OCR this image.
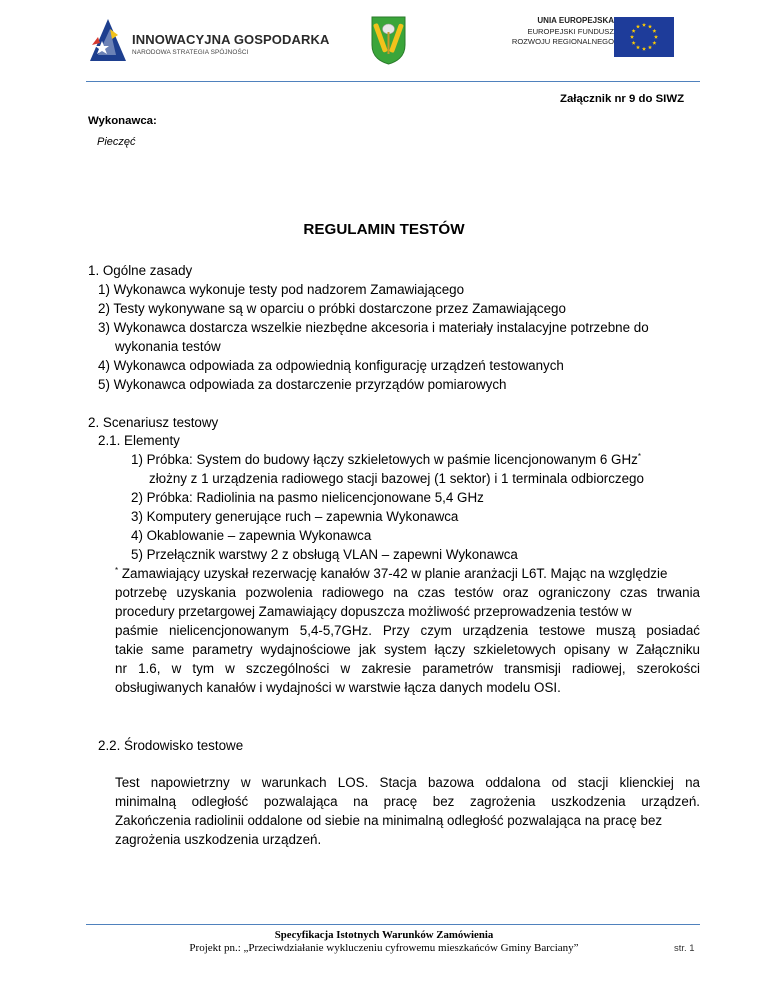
INNOWACYJNA GOSPODARKA
NARODOWA STRATEGIA SPÓJNOŚCI
UNIA EUROPEJSKA
EUROPEJSKI FUNDUSZ
ROZWOJU REGIONALNEGO
Załącznik nr 9 do SIWZ
Wykonawca:
Pieczęć
REGULAMIN TESTÓW
1. Ogólne zasady
1) Wykonawca wykonuje testy pod nadzorem Zamawiającego
2) Testy wykonywane są w oparciu o próbki dostarczone przez Zamawiającego
3) Wykonawca dostarcza wszelkie niezbędne akcesoria i materiały instalacyjne potrzebne do
wykonania testów
4) Wykonawca odpowiada za odpowiednią konfigurację urządzeń testowanych
5) Wykonawca odpowiada za dostarczenie przyrządów pomiarowych
2. Scenariusz testowy
2.1. Elementy
1) Próbka: System do budowy łączy szkieletowych w paśmie licencjonowanym 6 GHz*
złożny z 1 urządzenia radiowego stacji bazowej (1 sektor) i 1 terminala odbiorczego
2) Próbka: Radiolinia na pasmo nielicencjonowane 5,4 GHz
3) Komputery generujące ruch – zapewnia Wykonawca
4) Okablowanie – zapewnia Wykonawca
5) Przełącznik warstwy 2 z obsługą VLAN – zapewni Wykonawca
* Zamawiający uzyskał rezerwację kanałów 37-42 w planie aranżacji L6T. Mając na względzie
potrzebę uzyskania pozwolenia radiowego na czas testów oraz ograniczony czas trwania
procedury przetargowej Zamawiający dopuszcza możliwość przeprowadzenia testów w
paśmie nielicencjonowanym 5,4-5,7GHz. Przy czym urządzenia testowe muszą posiadać
takie same parametry wydajnościowe jak system łączy szkieletowych opisany w Załączniku
nr 1.6, w tym w szczególności w zakresie parametrów transmisji radiowej, szerokości
obsługiwanych kanałów i wydajności w warstwie łącza danych modelu OSI.
2.2. Środowisko testowe
Test napowietrzny w warunkach LOS. Stacja bazowa oddalona od stacji klienckiej na
minimalną odległość pozwalająca na pracę bez zagrożenia uszkodzenia urządzeń.
Zakończenia radiolinii oddalone od siebie na minimalną odległość pozwalająca na pracę bez
zagrożenia uszkodzenia urządzeń.
Specyfikacja Istotnych Warunków Zamówienia
Projekt pn.: „Przeciwdziałanie wykluczeniu cyfrowemu mieszkańców Gminy Barciany”	str. 1
